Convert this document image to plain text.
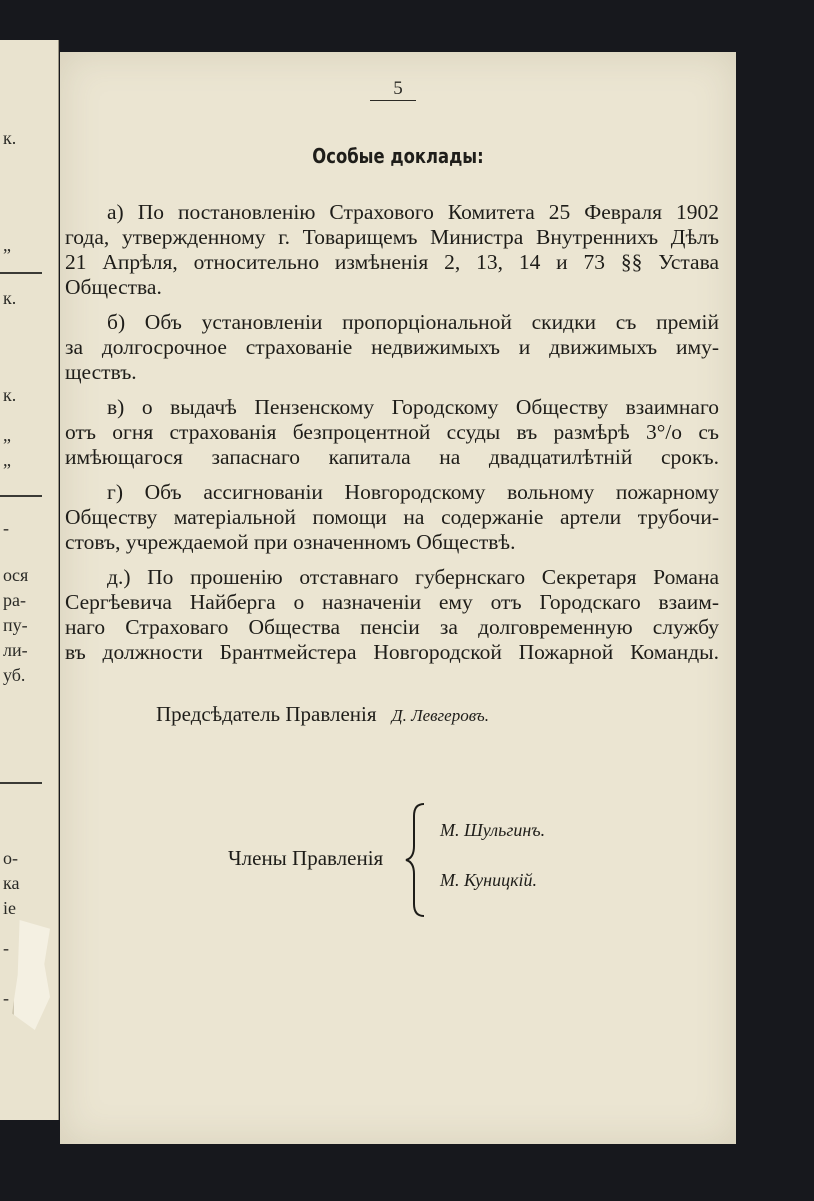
к.
”
к.
к.
”
”
-
оcя
ра-
пу-
ли-
уб.
о-
ка
ie
-
-

5
Особые доклады:
а) По постановленію Страхового Комитета 25 Февраля 1902
года, утвержденному г. Товарищемъ Министра Внутреннихъ Дѣлъ
21 Апрѣля, относительно измѣненія 2, 13, 14 и 73 §§ Устава
Общества.
б) Объ установленіи пропорціональной скидки съ премій
за долгосрочное страхованіе недвижимыхъ и движимыхъ иму-
ществъ.
в) о выдачѣ Пензенскому Городскому Обществу взаимнаго
отъ огня страхованія безпроцентной ссуды въ размѣрѣ 3°/о съ
имѣющагося запаснаго капитала на двадцатилѣтній срокъ.
г) Объ ассигнованіи Новгородскому вольному пожарному
Обществу матеріальной помощи на содержаніе артели трубочи-
стовъ, учреждаемой при означенномъ Обществѣ.
д.) По прошенію отставнаго губернскаго Секретаря Романа
Сергѣевича Найберга о назначеніи ему отъ Городскаго взаим-
наго Страховаго Общества пенсіи за долговременную службу
въ должности Брантмейстера Новгородской Пожарной Команды.
Предсѣдатель Правленія Д. Левгеровъ.
Члены Правленія
М. Шульгинъ.
М. Куницкій.
